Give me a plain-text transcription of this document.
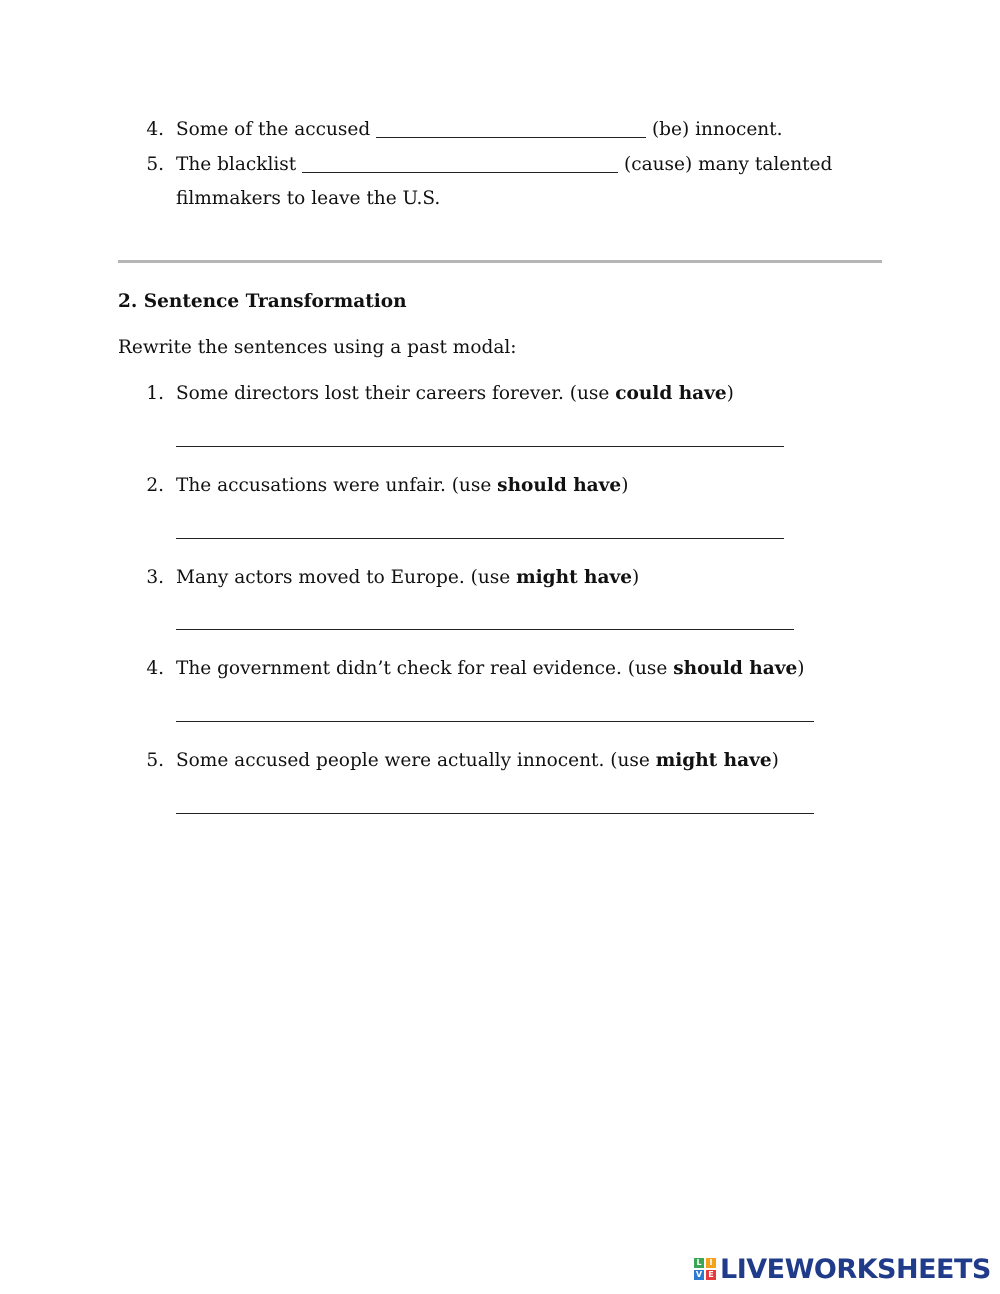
4. Some of the accused	(be) innocent.
5. The blacklist	(cause) many talented
filmmakers to leave the U.S.
2. Sentence Transformation
Rewrite the sentences using a past modal:
1. Some directors lost their careers forever. (use could have)
2. The accusations were unfair. (use should have)
3. Many actors moved to Europe. (use might have)
4. The government didn’t check for real evidence. (use should have)
5. Some accused people were actually innocent. (use might have)
L I
V E LIVEWORKSHEETS
